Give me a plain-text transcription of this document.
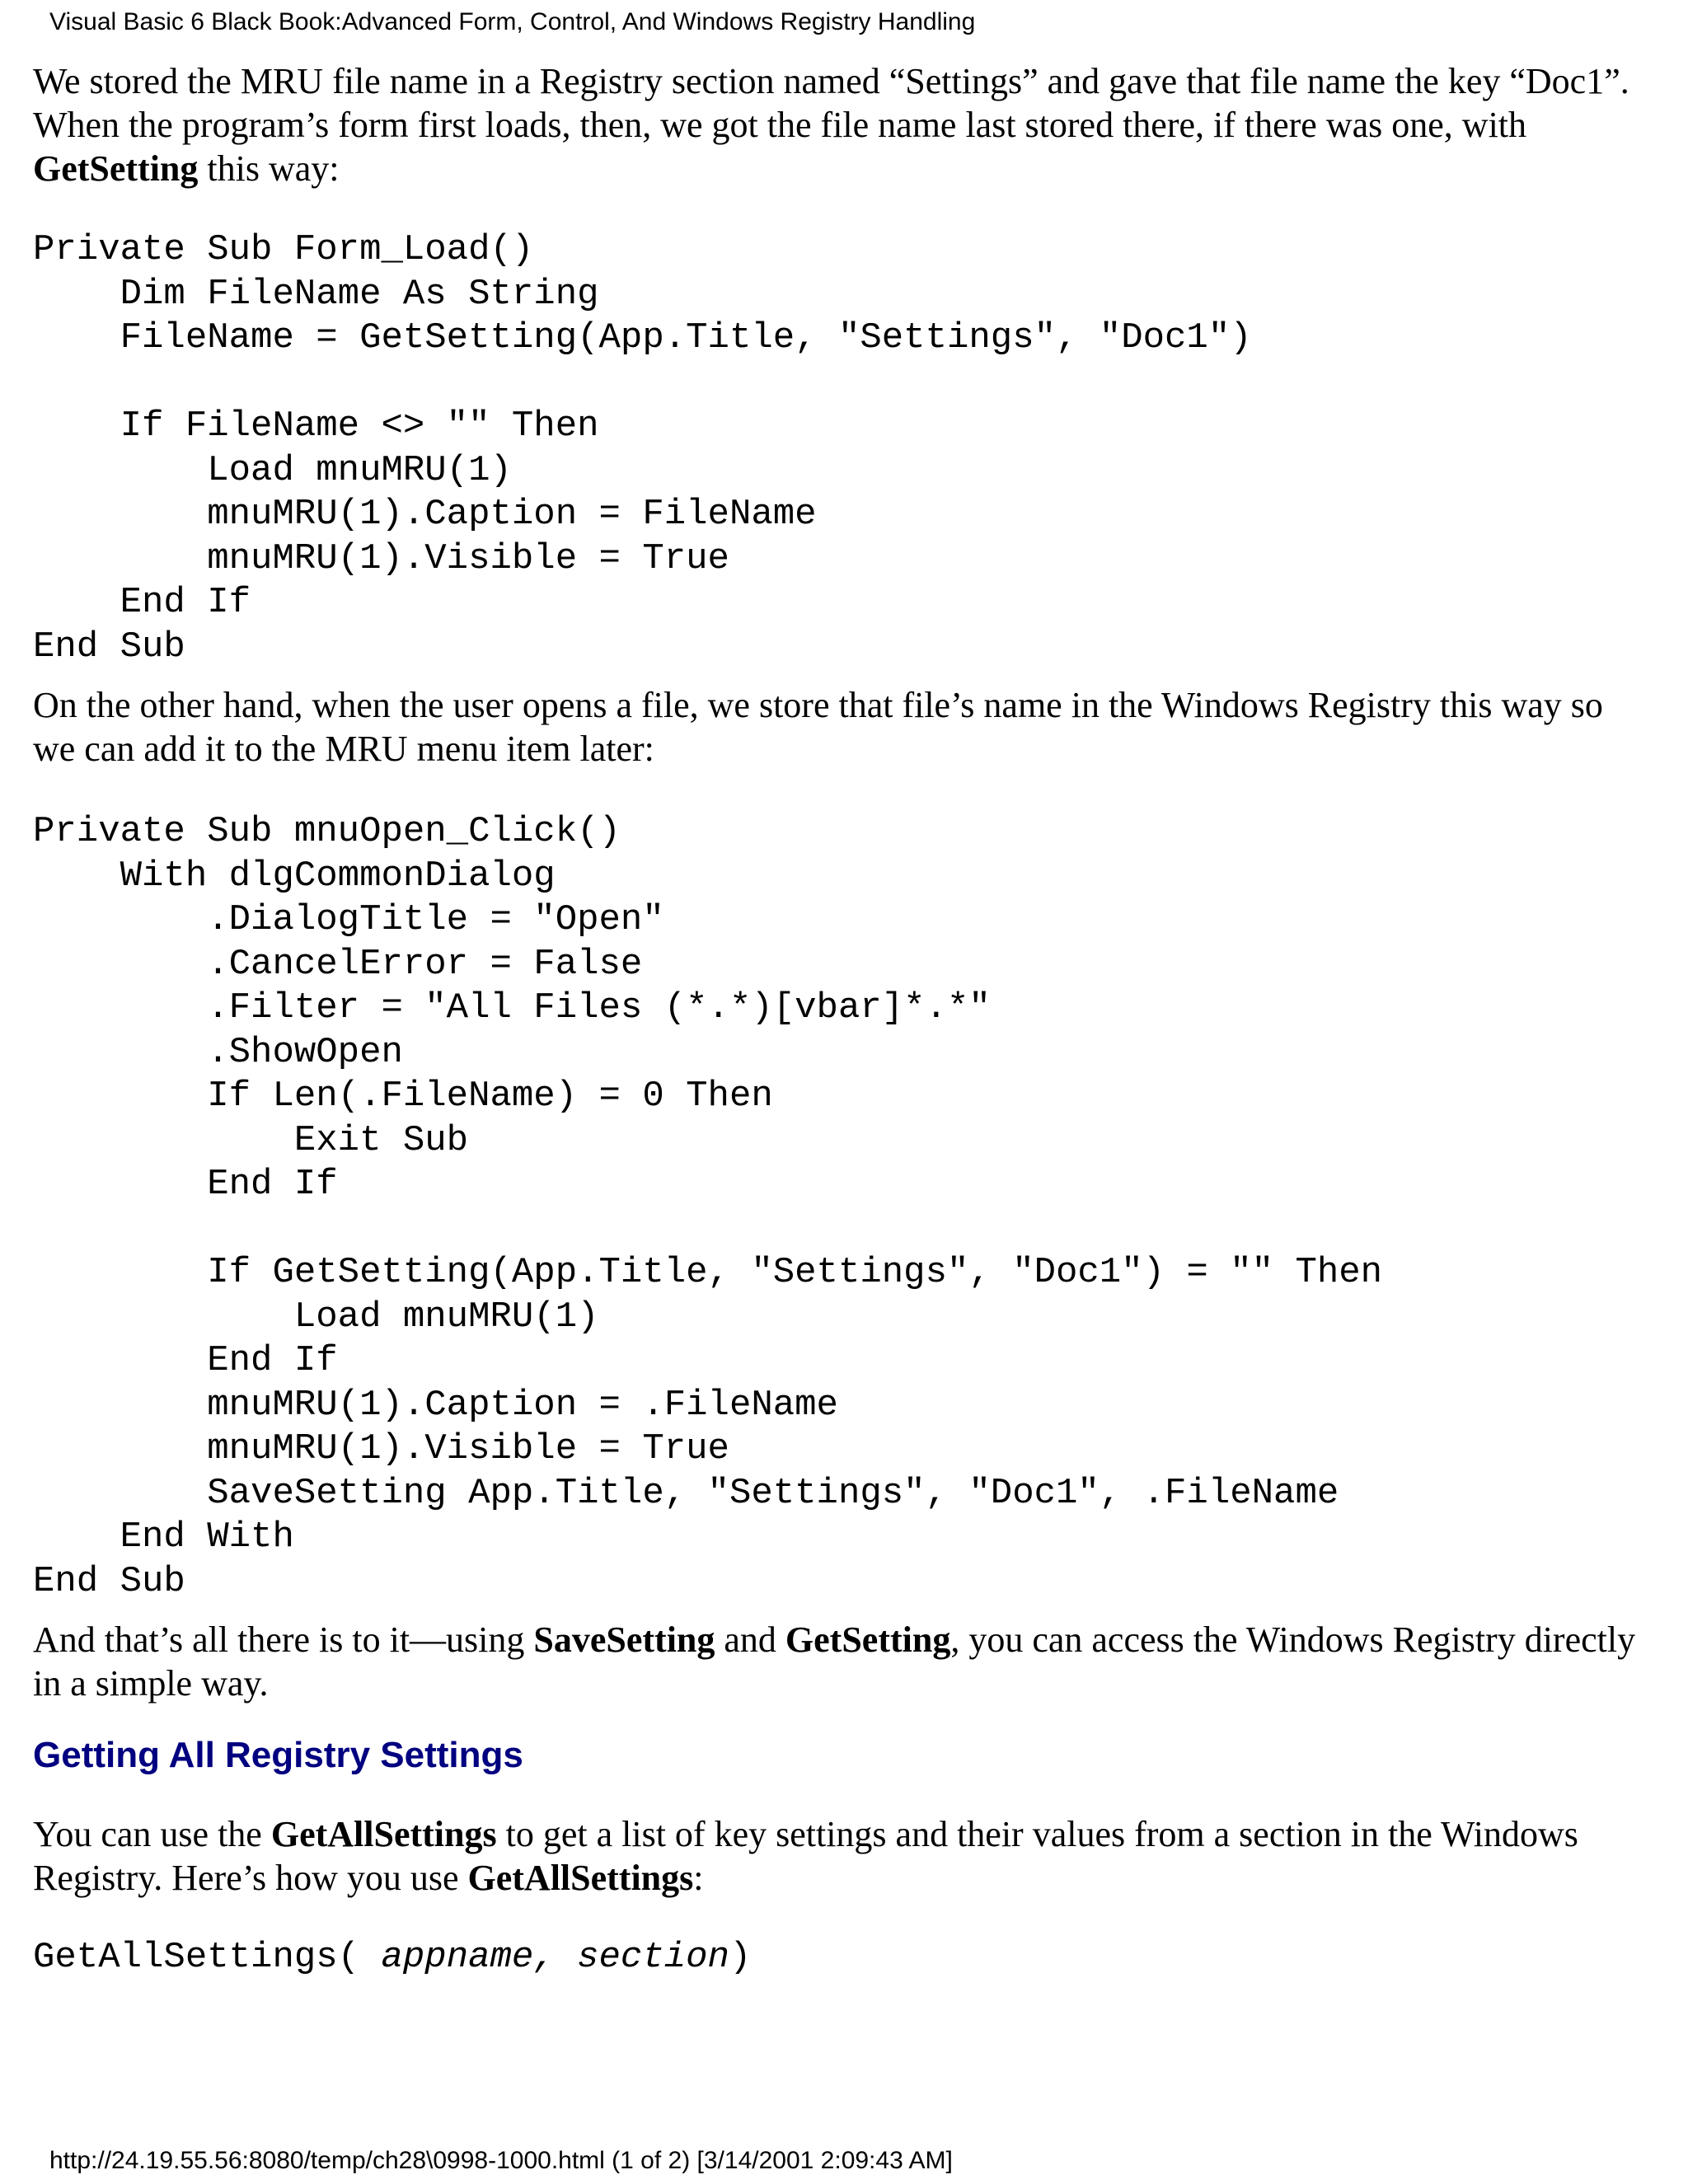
Visual Basic 6 Black Book:Advanced Form, Control, And Windows Registry Handling

We stored the MRU file name in a Registry section named “Settings” and gave that file name the key “Doc1”. When the program’s form first loads, then, we got the file name last stored there, if there was one, with GetSetting this way:

Private Sub Form_Load()
Dim FileName As String
FileName = GetSetting(App.Title, "Settings", "Doc1")
If FileName <> "" Then
Load mnuMRU(1)
mnuMRU(1).Caption = FileName
mnuMRU(1).Visible = True
End If
End Sub

On the other hand, when the user opens a file, we store that file’s name in the Windows Registry this way so we can add it to the MRU menu item later:

Private Sub mnuOpen_Click()
With dlgCommonDialog
.DialogTitle = "Open"
.CancelError = False
.Filter = "All Files (*.*)[vbar]*.*"
.ShowOpen
If Len(.FileName) = 0 Then
Exit Sub
End If
If GetSetting(App.Title, "Settings", "Doc1") = "" Then
Load mnuMRU(1)
End If
mnuMRU(1).Caption = .FileName
mnuMRU(1).Visible = True
SaveSetting App.Title, "Settings", "Doc1", .FileName
End With
End Sub

And that’s all there is to it—using SaveSetting and GetSetting, you can access the Windows Registry directly in a simple way.

Getting All Registry Settings

You can use the GetAllSettings to get a list of key settings and their values from a section in the Windows Registry. Here’s how you use GetAllSettings:

GetAllSettings( appname, section)
http://24.19.55.56:8080/temp/ch28\0998-1000.html (1 of 2) [3/14/2001 2:09:43 AM]
